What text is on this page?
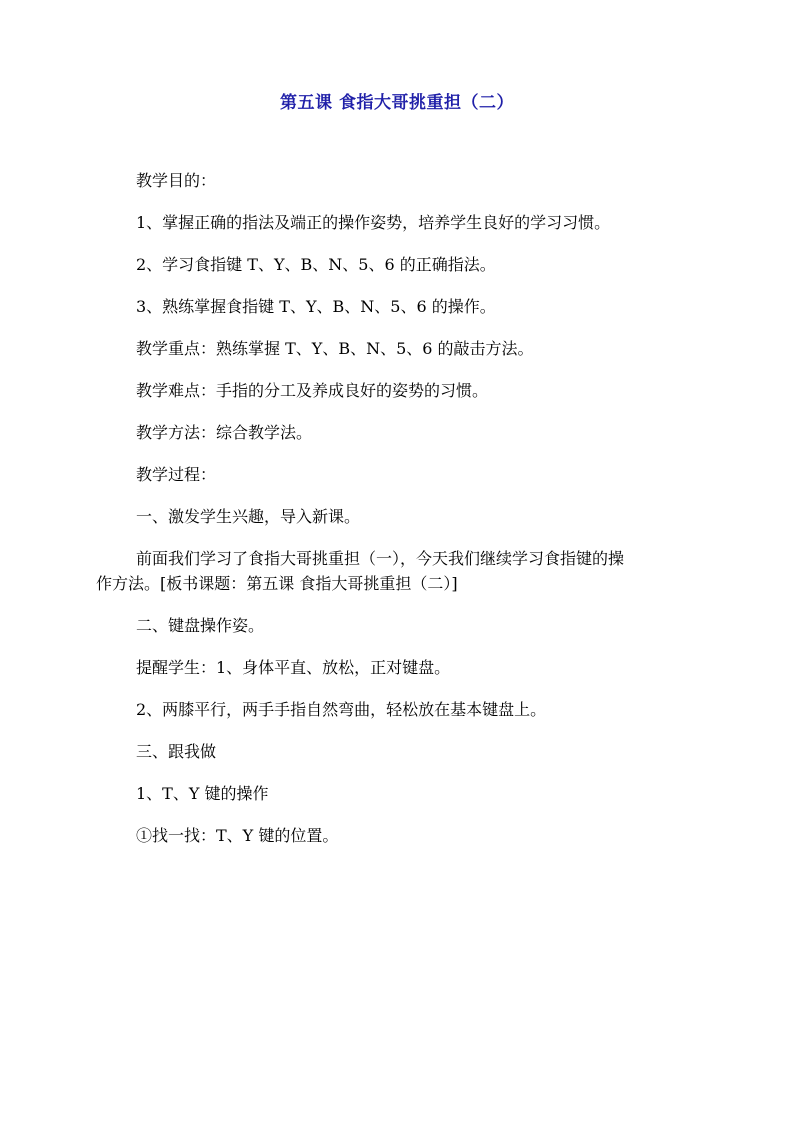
第五课 食指大哥挑重担（二）

教学目的：

1、掌握正确的指法及端正的操作姿势，培养学生良好的学习习惯。

2、学习食指键 T、Y、B、N、5、6 的正确指法。

3、熟练掌握食指键 T、Y、B、N、5、6 的操作。

教学重点：熟练掌握 T、Y、B、N、5、6 的敲击方法。

教学难点：手指的分工及养成良好的姿势的习惯。

教学方法：综合教学法。

教学过程：

一、激发学生兴趣，导入新课。

前面我们学习了食指大哥挑重担（一），今天我们继续学习食指键的操
作方法。[板书课题：第五课 食指大哥挑重担（二）]

二、键盘操作姿。

提醒学生：1、身体平直、放松，正对键盘。

2、两膝平行，两手手指自然弯曲，轻松放在基本键盘上。

三、跟我做

1、T、Y 键的操作

①找一找：T、Y 键的位置。
